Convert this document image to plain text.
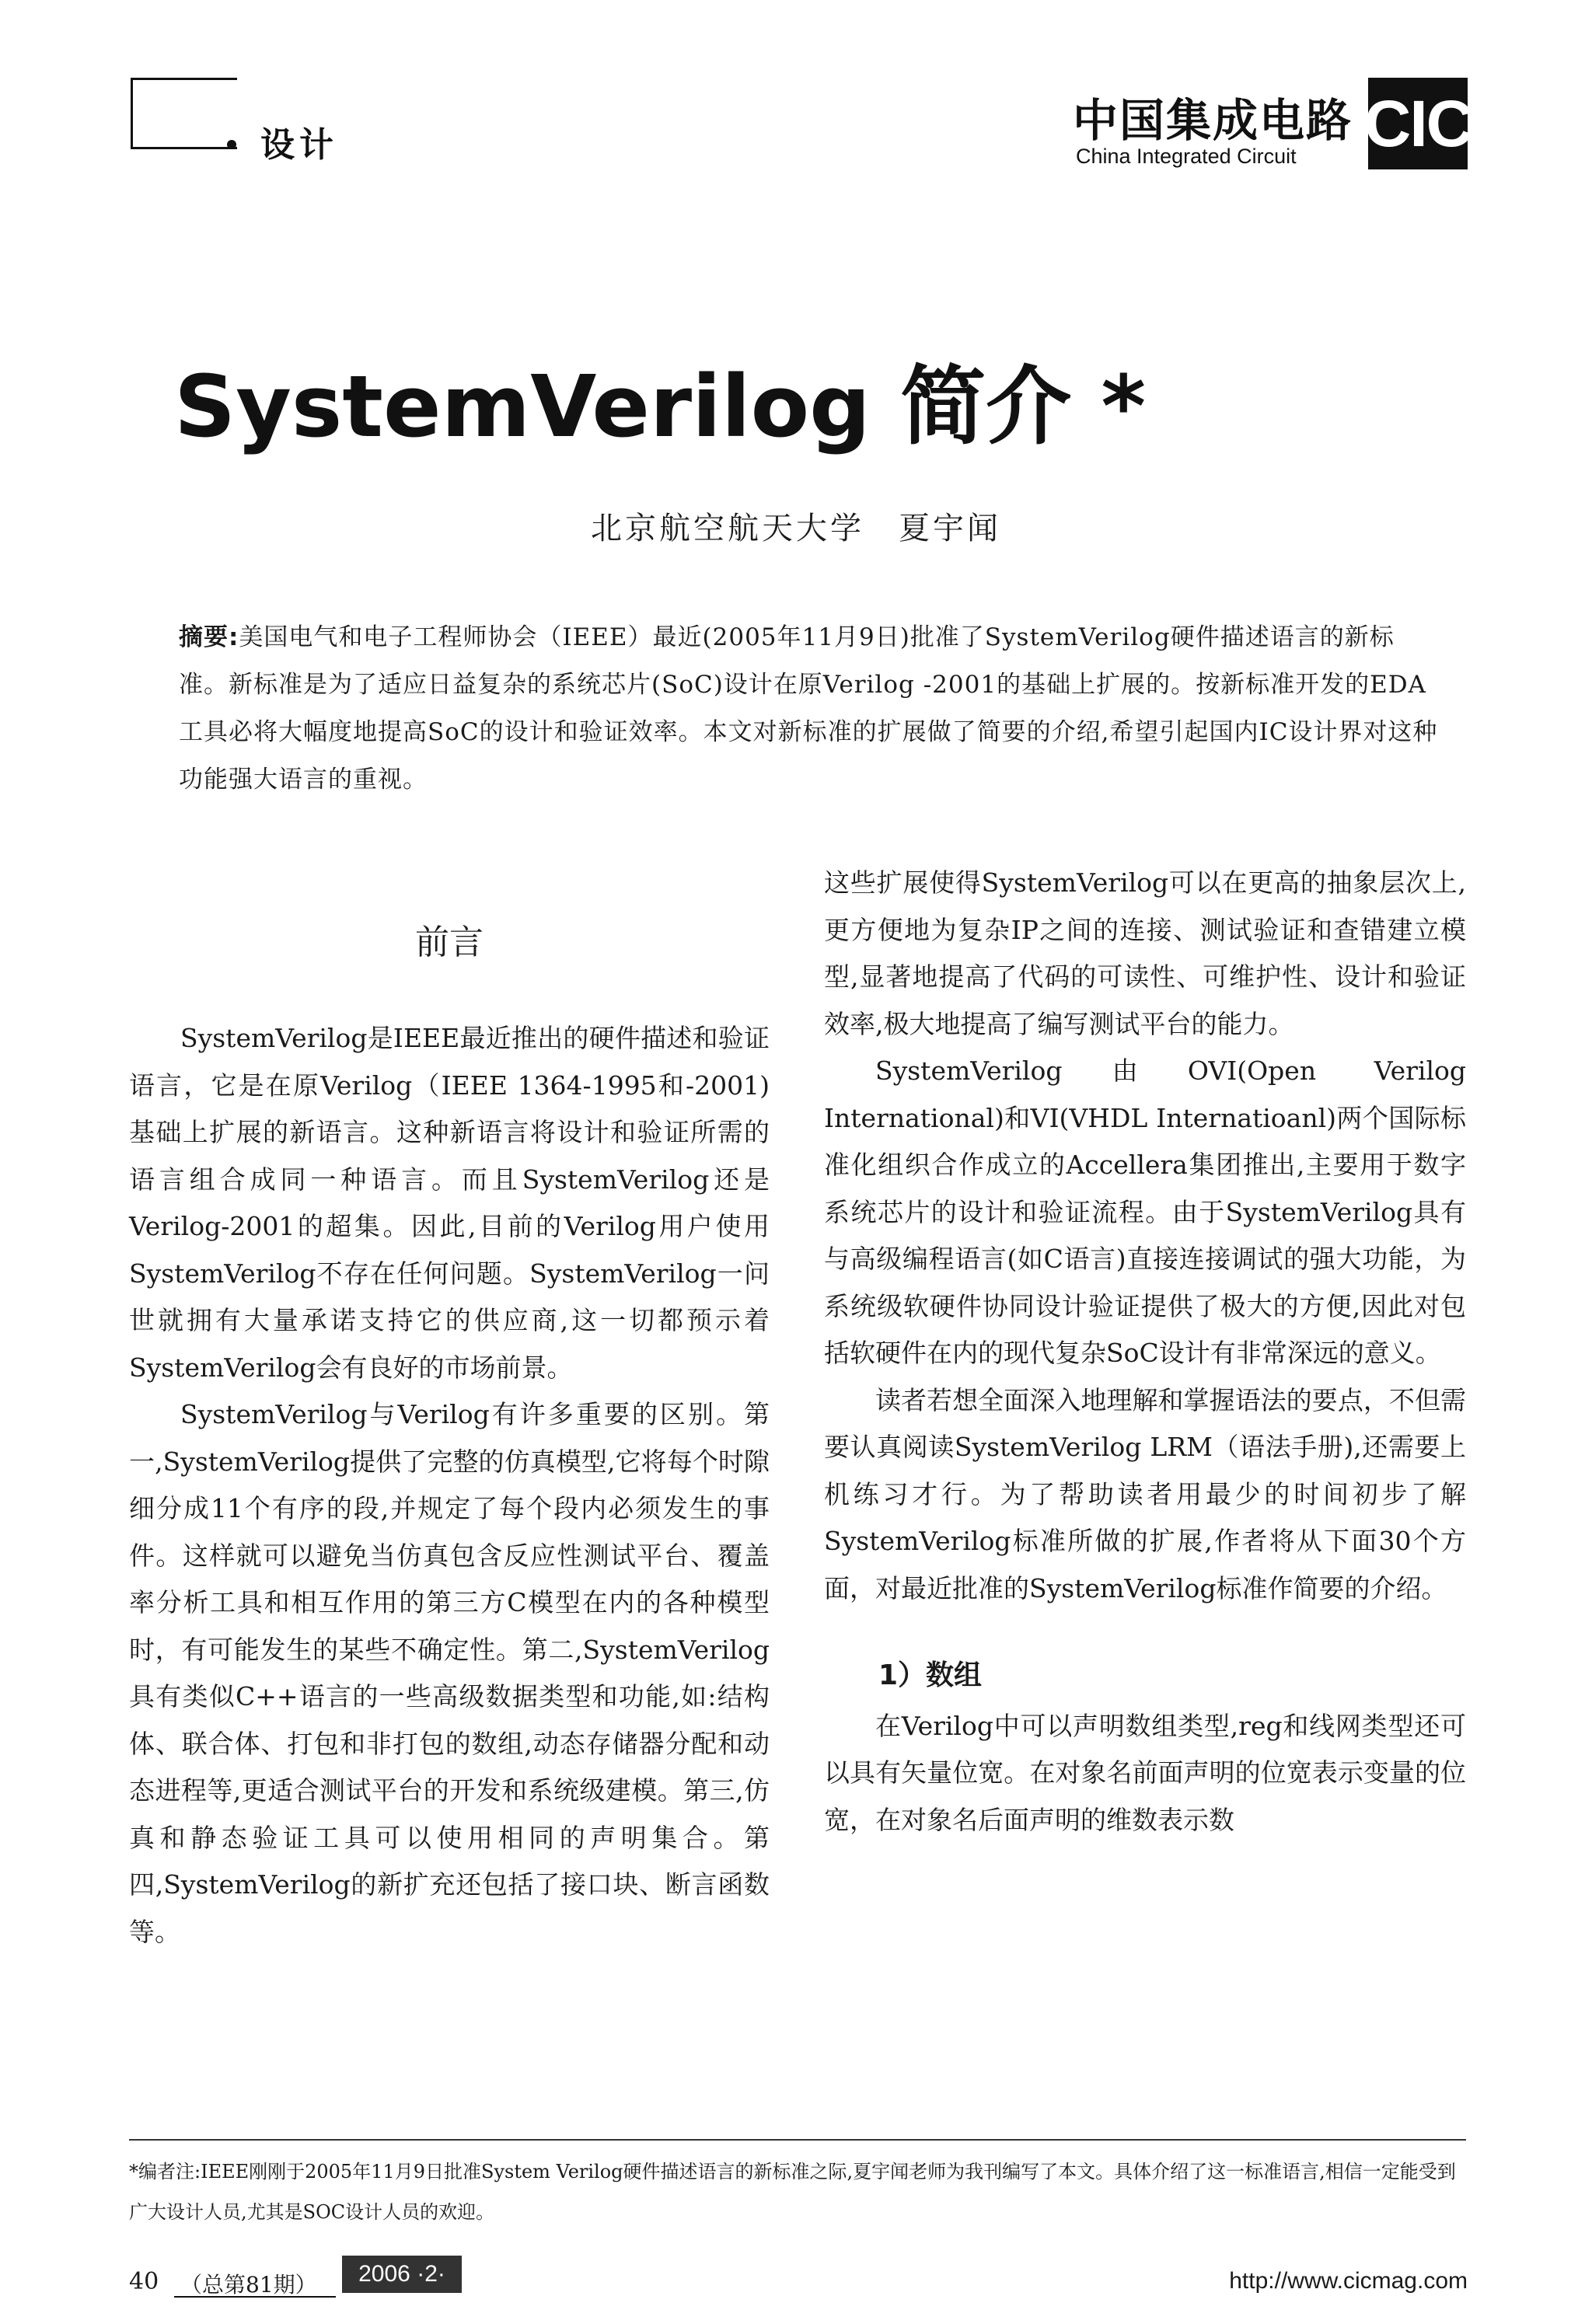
设计	中国集成电路
China Integrated Circuit CIC
SystemVerilog 简介 *
北京航空航天大学　夏宇闻
摘要:美国电气和电子工程师协会（IEEE）最近(2005年11月9日)批准了SystemVerilog硬件描述语言的新标准。新标准是为了适应日益复杂的系统芯片(SoC)设计在原Verilog -2001的基础上扩展的。按新标准开发的EDA工具必将大幅度地提高SoC的设计和验证效率。本文对新标准的扩展做了简要的介绍,希望引起国内IC设计界对这种功能强大语言的重视。
前言

SystemVerilog是IEEE最近推出的硬件描述和验证语言，它是在原Verilog（IEEE 1364-1995和-2001)基础上扩展的新语言。这种新语言将设计和验证所需的语言组合成同一种语言。而且SystemVerilog还是Verilog-2001的超集。因此,目前的Verilog用户使用SystemVerilog不存在任何问题。SystemVerilog一问世就拥有大量承诺支持它的供应商,这一切都预示着SystemVerilog会有良好的市场前景。

SystemVerilog与Verilog有许多重要的区别。第一,SystemVerilog提供了完整的仿真模型,它将每个时隙细分成11个有序的段,并规定了每个段内必须发生的事件。这样就可以避免当仿真包含反应性测试平台、覆盖率分析工具和相互作用的第三方C模型在内的各种模型时，有可能发生的某些不确定性。第二,SystemVerilog具有类似C++语言的一些高级数据类型和功能,如:结构体、联合体、打包和非打包的数组,动态存储器分配和动态进程等,更适合测试平台的开发和系统级建模。第三,仿真和静态验证工具可以使用相同的声明集合。第四,SystemVerilog的新扩充还包括了接口块、断言函数等。

这些扩展使得SystemVerilog可以在更高的抽象层次上,更方便地为复杂IP之间的连接、测试验证和查错建立模型,显著地提高了代码的可读性、可维护性、设计和验证效率,极大地提高了编写测试平台的能力。

SystemVerilog由OVI(Open Verilog International)和VI(VHDL Internatioanl)两个国际标准化组织合作成立的Accellera集团推出,主要用于数字系统芯片的设计和验证流程。由于SystemVerilog具有与高级编程语言(如C语言)直接连接调试的强大功能，为系统级软硬件协同设计验证提供了极大的方便,因此对包括软硬件在内的现代复杂SoC设计有非常深远的意义。

读者若想全面深入地理解和掌握语法的要点，不但需要认真阅读SystemVerilog LRM（语法手册),还需要上机练习才行。为了帮助读者用最少的时间初步了解SystemVerilog标准所做的扩展,作者将从下面30个方面，对最近批准的SystemVerilog标准作简要的介绍。

1）数组

在Verilog中可以声明数组类型,reg和线网类型还可以具有矢量位宽。在对象名前面声明的位宽表示变量的位宽，在对象名后面声明的维数表示数

*编者注:IEEE刚刚于2005年11月9日批准System Verilog硬件描述语言的新标准之际,夏宇闻老师为我刊编写了本文。具体介绍了这一标准语言,相信一定能受到广大设计人员,尤其是SOC设计人员的欢迎。
40 （总第81期）	2006 ·2·	http://www.cicmag.com
